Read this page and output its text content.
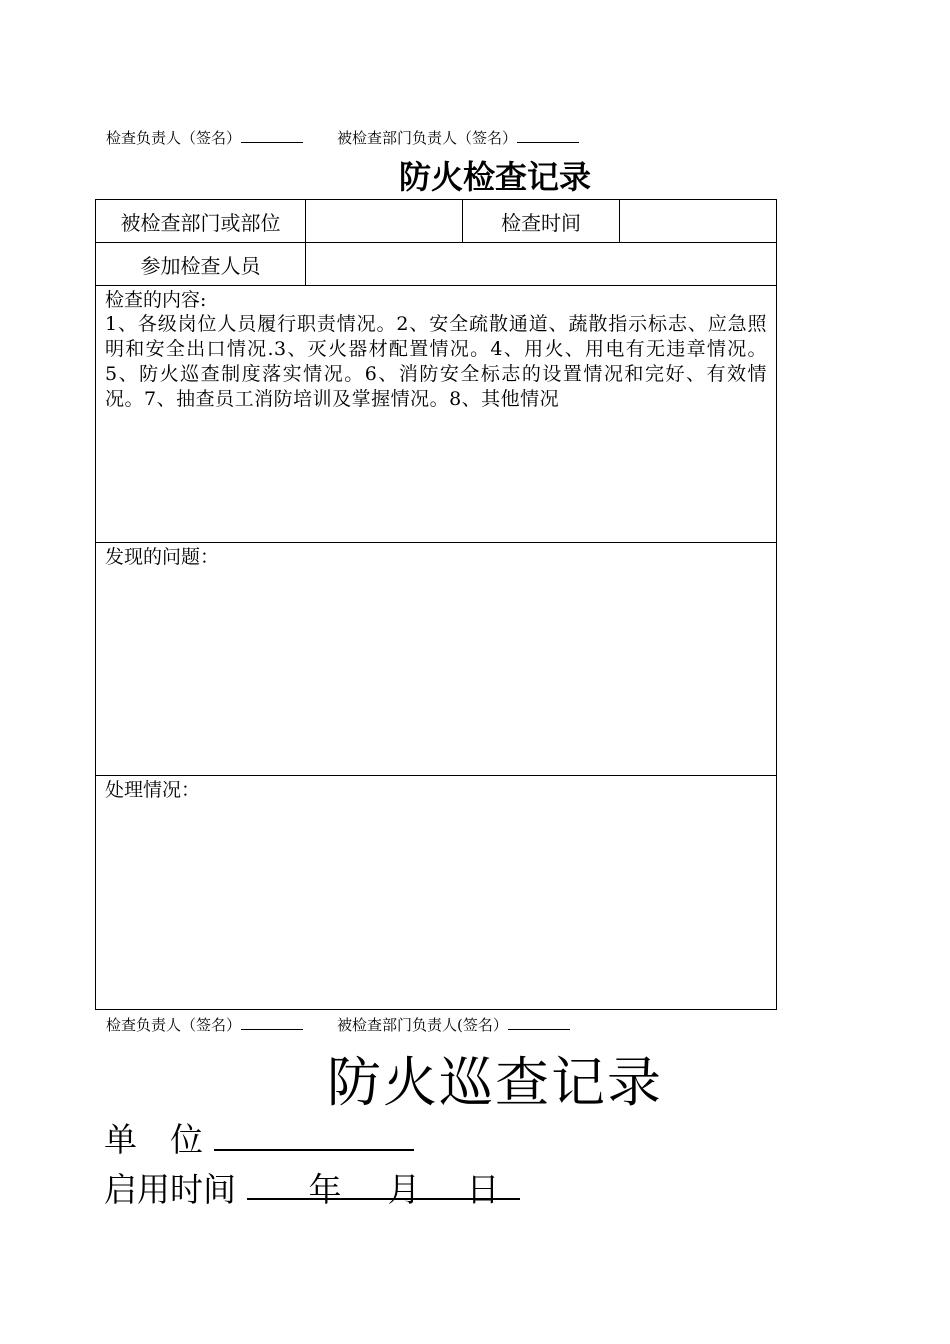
检查负责人（签名）	被检查部门负责人（签名）
防火检查记录
被检查部门或部位		检查时间	
参加检查人员			

检查的内容:
1、各级岗位人员履行职责情况。2、安全疏散通道、蔬散指示标志、应急照明和安全出口情况.3、灭火器材配置情况。4、用火、用电有无违章情况。5、防火巡查制度落实情况。6、消防安全标志的设置情况和完好、有效情况。7、抽查员工消防培训及掌握情况。8、其他情况			

发现的问题：			

处理情况：			
检查负责人（签名）	被检查部门负责人(签名）
防火巡查记录
单　位
启用时间 年 月 日
